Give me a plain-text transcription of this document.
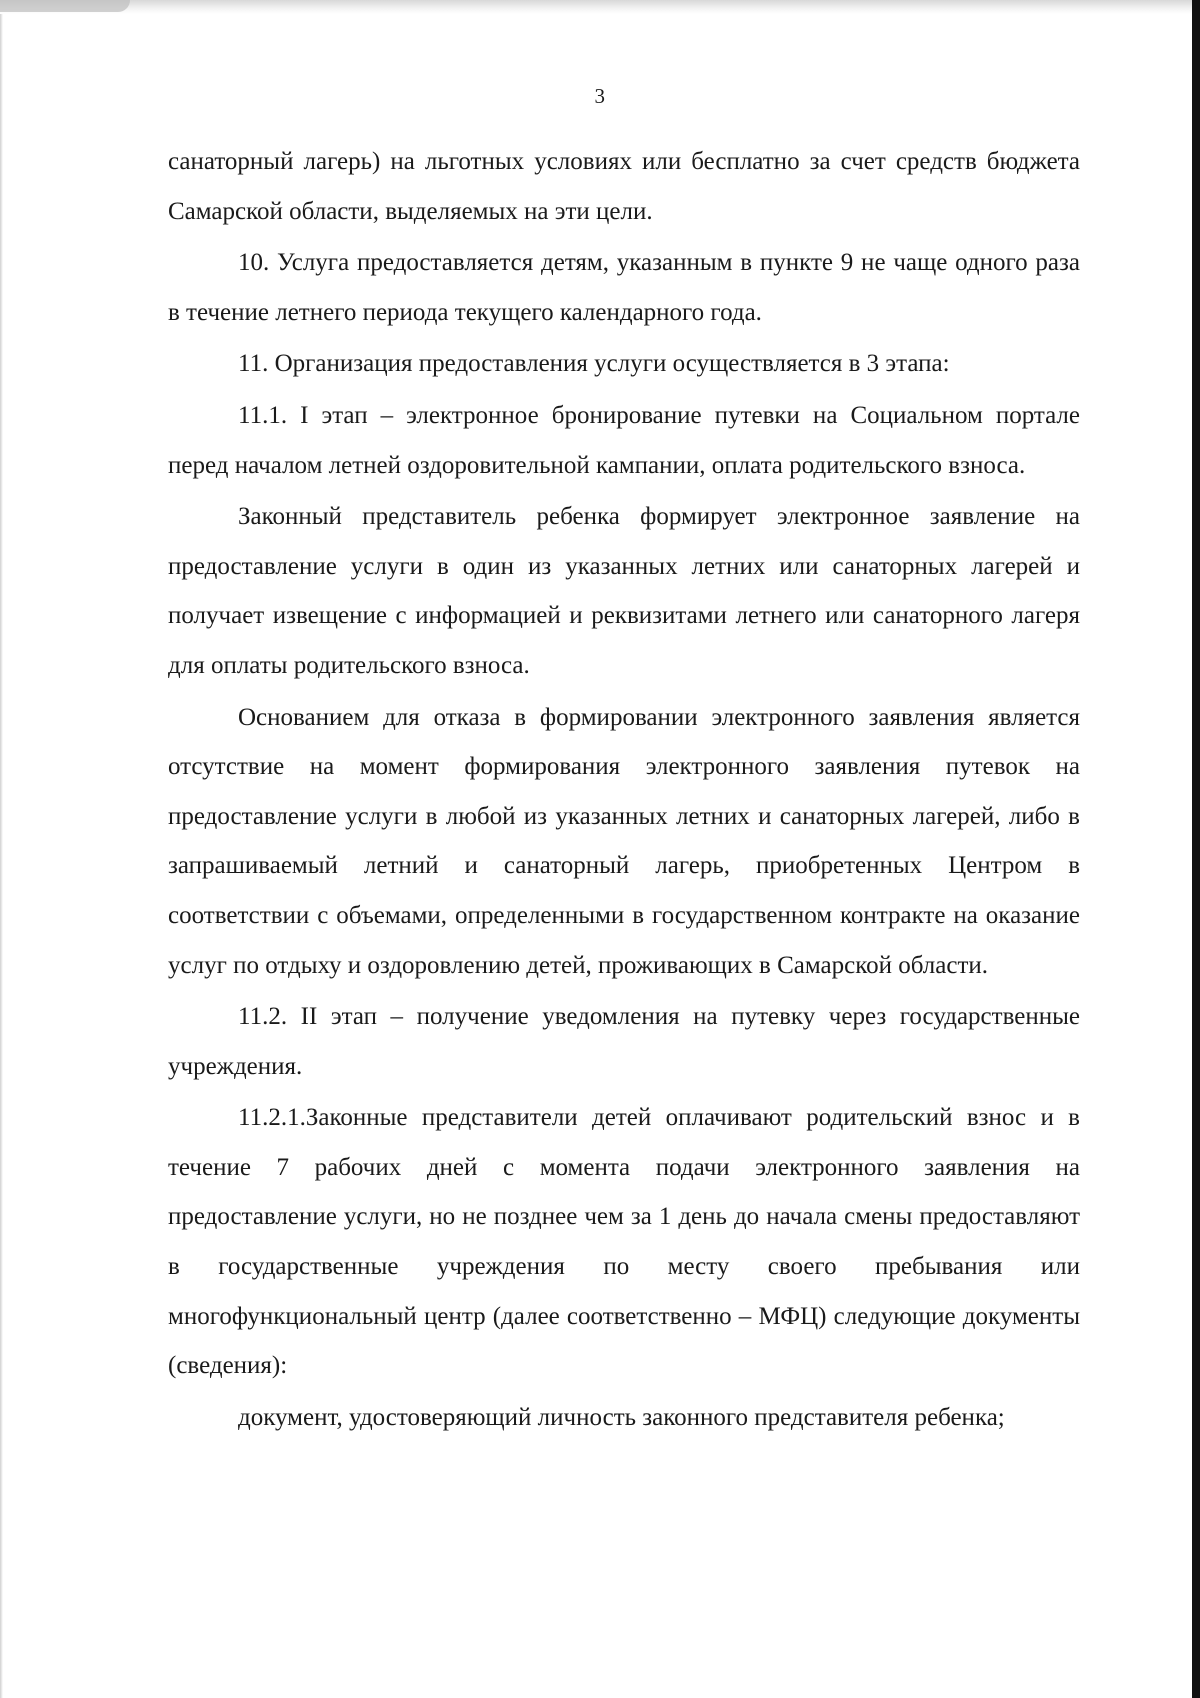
3

санаторный лагерь) на льготных условиях или бесплатно за счет средств бюджета Самарской области, выделяемых на эти цели.

10. Услуга предоставляется детям, указанным в пункте 9 не чаще одного раза в течение летнего периода текущего календарного года.

11. Организация предоставления услуги осуществляется в 3 этапа:

11.1. I этап – электронное бронирование путевки на Социальном портале перед началом летней оздоровительной кампании, оплата родительского взноса.

Законный представитель ребенка формирует электронное заявление на предоставление услуги в один из указанных летних или санаторных лагерей и получает извещение с информацией и реквизитами летнего или санаторного лагеря для оплаты родительского взноса.

Основанием для отказа в формировании электронного заявления является отсутствие на момент формирования электронного заявления путевок на предоставление услуги в любой из указанных летних и санаторных лагерей, либо в запрашиваемый летний и санаторный лагерь, приобретенных Центром в соответствии с объемами, определенными в государственном контракте на оказание услуг по отдыху и оздоровлению детей, проживающих в Самарской области.

11.2. II этап – получение уведомления на путевку через государственные учреждения.

11.2.1.Законные представители детей оплачивают родительский взнос и в течение 7 рабочих дней с момента подачи электронного заявления на предоставление услуги, но не позднее чем за 1 день до начала смены предоставляют в государственные учреждения по месту своего пребывания или многофункциональный центр (далее соответственно – МФЦ) следующие документы (сведения):

документ, удостоверяющий личность законного представителя ребенка;
